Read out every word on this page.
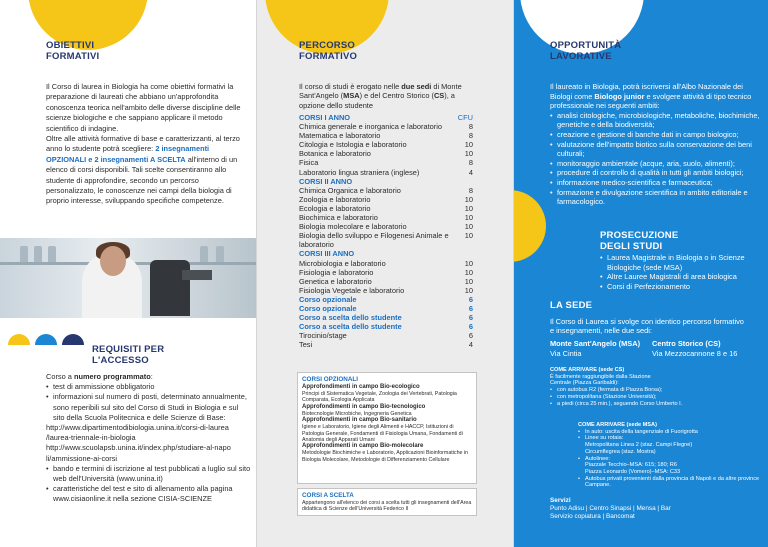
OBIETTIVI
FORMATIVI
Il Corso di laurea in Biologia ha come obiettivi formativi la preparazione di laureati che abbiano un'approfondita conoscenza teorica nell'ambito delle diverse discipline delle scienze biologiche e che sappiano applicare il metodo scientifico di indagine.
Oltre alle attività formative di base e caratterizzanti, al terzo anno lo studente potrà scegliere: 2 insegnamenti OPZIONALI e 2 insegnamenti A SCELTA all'interno di un elenco di corsi disponibili. Tali scelte consentiranno allo studente di approfondire, secondo un percorso personalizzato, le conoscenze nei campi della biologia di proprio interesse, sviluppando specifiche competenze.
REQUISITI PER
L'ACCESSO
Corso a numero programmato:
• test di ammissione obbligatorio
• informazioni sul numero di posti, determinato annualmente, sono reperibili sul sito del Corso di Studi in Biologia e sul sito della Scuola Politecnica e delle Scienze di Base:
http://www.dipartimentodibiologia.unina.it/corsi-di-laurea
/laurea-triennale-in-biologia
http://www.scuolapsb.unina.it/index.php/studiare-al-napo
li/ammissione-ai-corsi
• bando e termini di iscrizione al test pubblicati a luglio sul sito web dell'Università (www.unina.it)
• caratteristiche del test e sito di allenamento alla pagina www.cisiaonline.it nella sezione CISIA-SCIENZE
PERCORSO
FORMATIVO
Il corso di studi è erogato nelle due sedi di Monte Sant'Angelo (MSA) e del Centro Storico (CS), a opzione dello studente
CORSI I ANNO	CFU
Chimica generale e inorganica e laboratorio	8
Matematica e laboratorio	8
Citologia e Istologia e laboratorio	10
Botanica e laboratorio	10
Fisica	8
Laboratorio lingua straniera (inglese)	4
CORSI II ANNO
Chimica Organica e laboratorio	8
Zoologia e laboratorio	10
Ecologia e laboratorio	10
Biochimica e laboratorio	10
Biologia molecolare e laboratorio	10
Biologia dello sviluppo e Filogenesi Animale e laboratorio
10
CORSI III ANNO
Microbiologia e laboratorio	10
Fisiologia e laboratorio	10
Genetica e laboratorio	10
Fisiologia Vegetale e laboratorio	10
Corso opzionale	6
Corso opzionale	6
Corso a scelta dello studente	6
Corso a scelta dello studente	6
Tirocinio/stage	6
Tesi	4
CORSI OPZIONALI
Approfondimenti in campo Bio-ecologico
Principi di Sistematica Vegetale, Zoologia dei Vertebrati, Patologia Comparata, Ecologia Applicata
Approfondimenti in campo Bio-tecnologico
Biotecnologie Microbiche, Ingegneria Genetica
Approfondimenti in campo Bio-sanitario
Igiene e Laboratorio, Igiene degli Alimenti e HACCP, Istituzioni di Patologia Generale, Fondamenti di Fisiologia Umana, Fondamenti di Anatomia degli Apparati Umani
Approfondimenti in campo Bio-molecolare
Metodologie Biochimiche e Laboratorio, Applicazioni Bioinformatiche in Biologia Molecolare, Metodologie di Differenziamento Cellulare
CORSI A SCELTA
Appartengono all'elenco dei corsi a scelta tutti gli insegnamenti dell'Area didattica di Scienze dell'Università Federico II
OPPORTUNITÀ
LAVORATIVE
Il laureato in Biologia, potrà iscriversi all'Albo Nazionale dei Biologi come Biologo junior e svolgere attività di tipo tecnico professionale nei seguenti ambiti:
• analisi citologiche, microbiologiche, metaboliche, biochimiche, genetiche e della biodiversità;
• creazione e gestione di banche dati in campo biologico;
• valutazione dell'impatto biotico sulla conservazione dei beni culturali;
• monitoraggio ambientale (acque, aria, suolo, alimenti);
• procedure di controllo di qualità in tutti gli ambiti biologici;
• informazione medico-scientifica e farmaceutica;
• formazione e divulgazione scientifica in ambito editoriale e farmacologico.
PROSECUZIONE
DEGLI STUDI
• Laurea Magistrale in Biologia o in Scienze Biologiche (sede MSA)
• Altre Lauree Magistrali di area biologica
• Corsi di Perfezionamento
LA SEDE
Il Corso di Laurea si svolge con identico percorso formativo e insegnamenti, nelle due sedi:
Monte Sant'Angelo (MSA)
Via Cintia
Centro Storico (CS)
Via Mezzocannone 8 e 16
COME ARRIVARE (sede CS)
È facilmente raggiungibile dalla Stazione
Centrale (Piazza Garibaldi):
• con autobus R2 (fermata di Piazza Borsa);
• con metropolitana (Stazione Università);
• a piedi (circa 25 min.), seguendo Corso Umberto I.
COME ARRIVARE (sede MSA)
• In auto: uscita della tangenziale di Fuorigrotta
• Linee su rotaia:
Metropolitana Linea 2 (stаz. Campi Flegrei)
Circumflegrea (staz. Mostra)
• Autolinee:
Piazzale Tecchio–MSA: 615; 180; R6
Piazza Leonardo (Vomero)–MSA: C33
• Autobus privati provenienti dalla provincia di Napoli e da altre province Campane.
Servizi
Punto Adisu | Centro Sinapsi | Mensa | Bar
Servizio copiatura | Bancomat
